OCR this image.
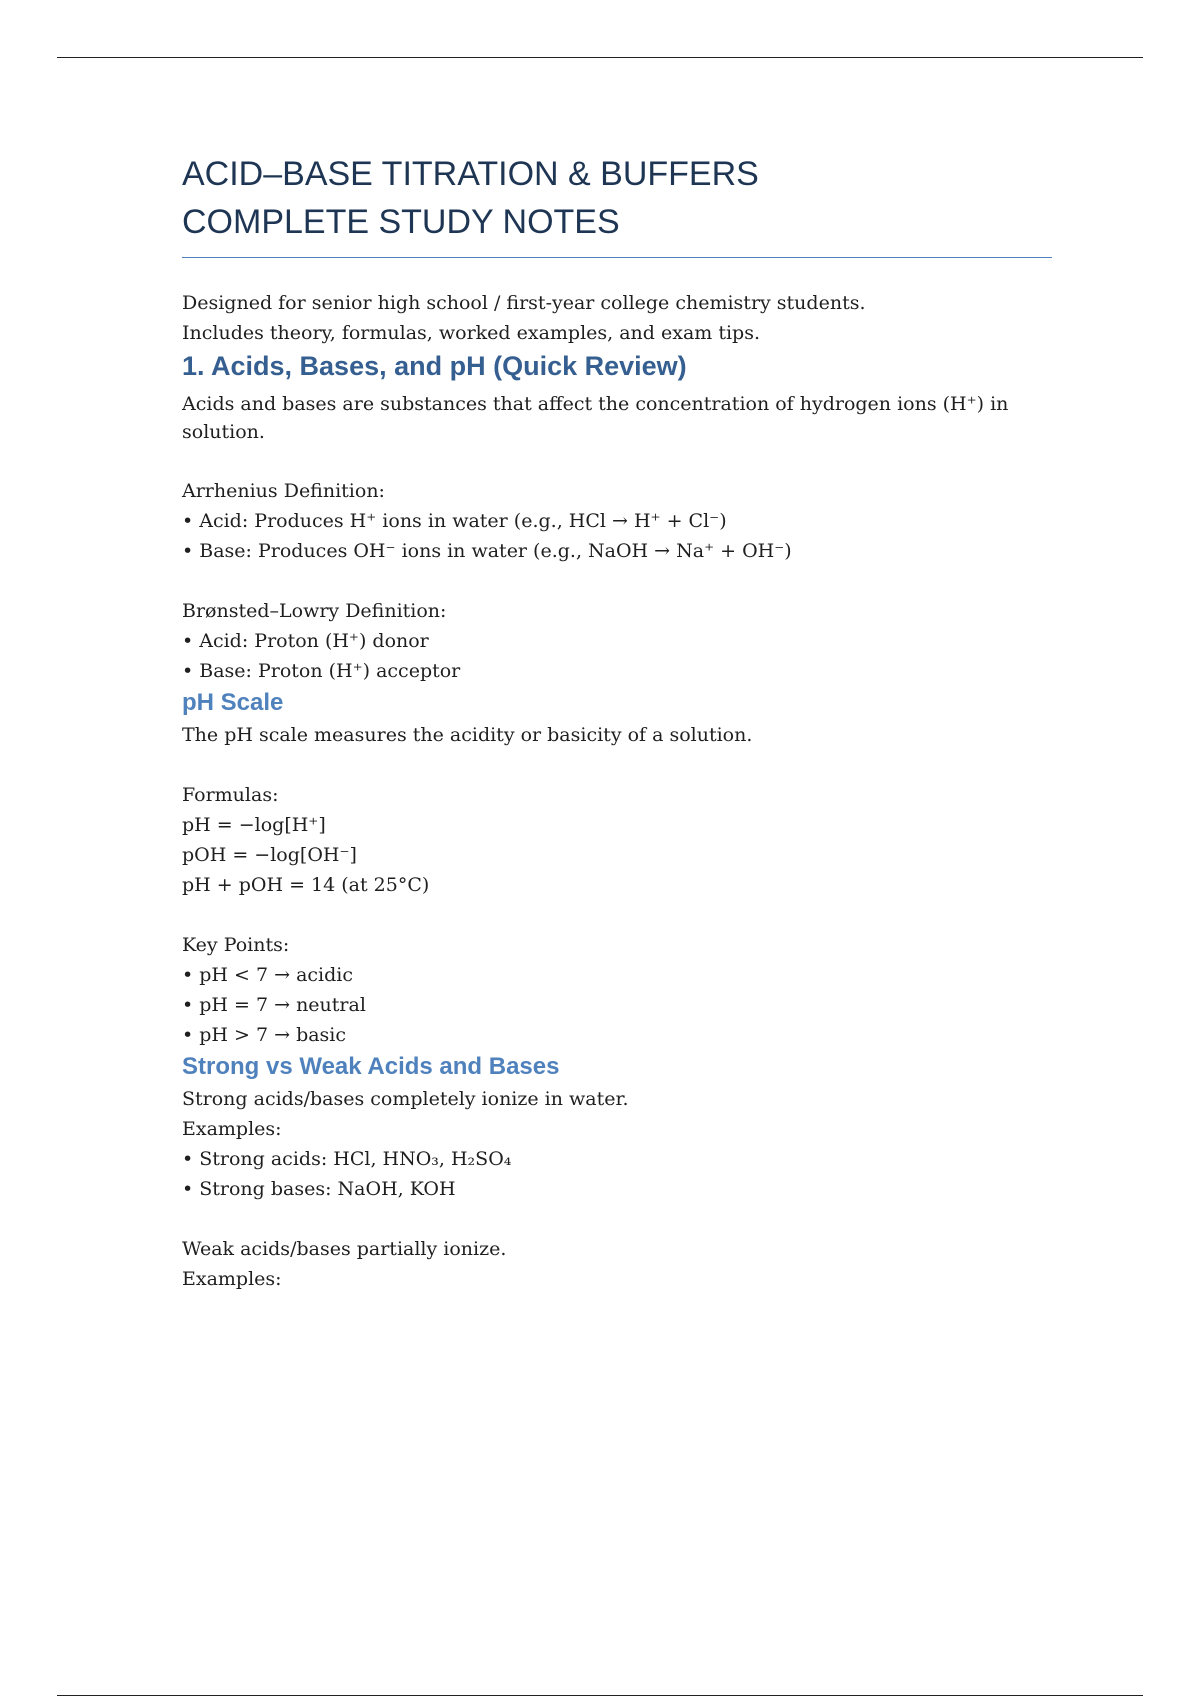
ACID–BASE TITRATION & BUFFERS
COMPLETE STUDY NOTES

Designed for senior high school / first-year college chemistry students.

Includes theory, formulas, worked examples, and exam tips.

1. Acids, Bases, and pH (Quick Review)

Acids and bases are substances that affect the concentration of hydrogen ions (H⁺) in solution.

Arrhenius Definition:

• Acid: Produces H⁺ ions in water (e.g., HCl → H⁺ + Cl⁻)

• Base: Produces OH⁻ ions in water (e.g., NaOH → Na⁺ + OH⁻)

Brønsted–Lowry Definition:

• Acid: Proton (H⁺) donor

• Base: Proton (H⁺) acceptor

pH Scale

The pH scale measures the acidity or basicity of a solution.

Formulas:

pH = −log[H⁺]

pOH = −log[OH⁻]

pH + pOH = 14 (at 25°C)

Key Points:

• pH < 7 → acidic

• pH = 7 → neutral

• pH > 7 → basic

Strong vs Weak Acids and Bases

Strong acids/bases completely ionize in water.

Examples:

• Strong acids: HCl, HNO₃, H₂SO₄

• Strong bases: NaOH, KOH

Weak acids/bases partially ionize.

Examples:
